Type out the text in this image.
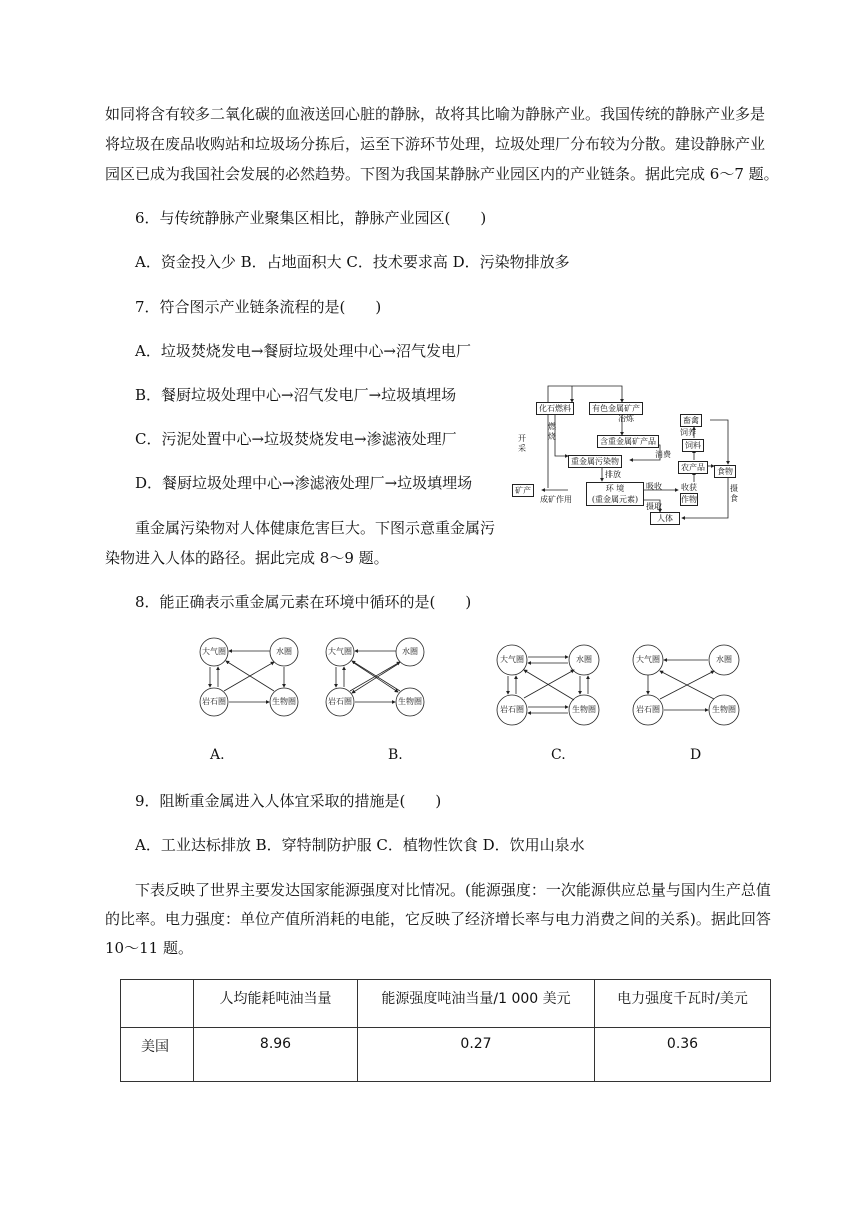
如同将含有较多二氧化碳的血液送回心脏的静脉，故将其比喻为静脉产业。我国传统的静脉产业多是
将垃圾在废品收购站和垃圾场分拣后，运至下游环节处理，垃圾处理厂分布较为分散。建设静脉产业
园区已成为我国社会发展的必然趋势。下图为我国某静脉产业园区内的产业链条。据此完成 6～7 题。
6．与传统静脉产业聚集区相比，静脉产业园区(　　)
A．资金投入少 B．占地面积大 C．技术要求高 D．污染物排放多
7．符合图示产业链条流程的是(　　)
A．垃圾焚烧发电→餐厨垃圾处理中心→沼气发电厂
B．餐厨垃圾处理中心→沼气发电厂→垃圾填埋场
C．污泥处置中心→垃圾焚烧发电→渗滤液处理厂
D．餐厨垃圾处理中心→渗滤液处理厂→垃圾填埋场
重金属污染物对人体健康危害巨大。下图示意重金属污
染物进入人体的路径。据此完成 8～9 题。
化石燃料	有色金属矿产
冶炼
含重金属矿产品
消费
燃烧
开采
重金属污染物
排放
矿产
成矿作用
环 境
(重金属元素)
吸收 收获
作物
摄取
人体
畜禽
饲养
饲料
农产品	食物
摄食
8．能正确表示重金属元素在环境中循环的是(　　)
大气圈	水圈
岩石圈	生物圈
大气圈	水圈
岩石圈	生物圈
大气圈	水圈
岩石圈	生物圈
大气圈	水圈
岩石圈	生物圈
A.	B.	C.	D
9．阻断重金属进入人体宜采取的措施是(　　)
A．工业达标排放 B．穿特制防护服 C．植物性饮食 D．饮用山泉水
下表反映了世界主要发达国家能源强度对比情况。(能源强度：一次能源供应总量与国内生产总值
的比率。电力强度：单位产值所消耗的电能，它反映了经济增长率与电力消费之间的关系)。据此回答
10～11 题。
	人均能耗吨油当量	能源强度吨油当量/1 000 美元	电力强度千瓦时/美元
美国	8.96	0.27	0.36
